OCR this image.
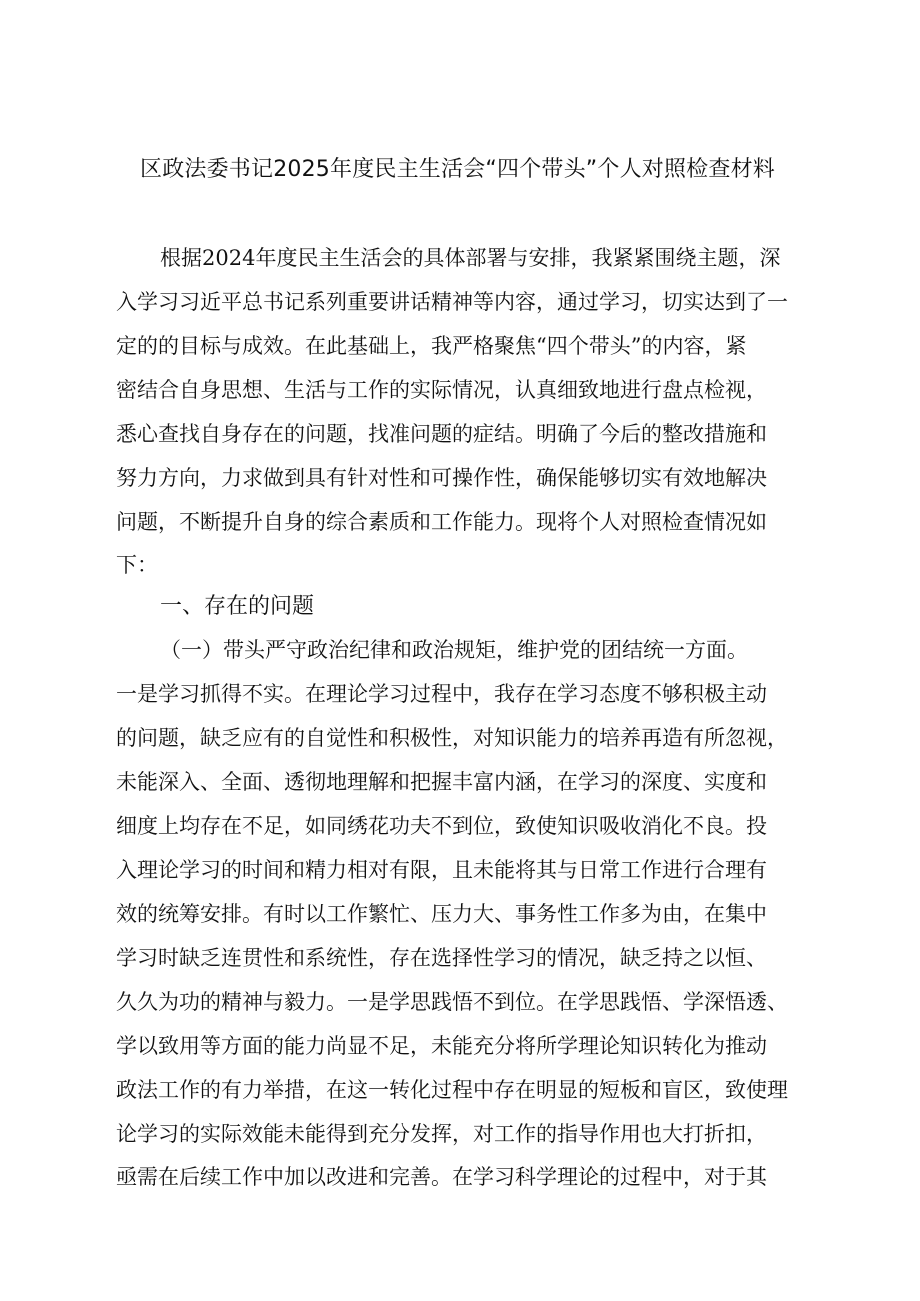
区政法委书记2025年度民主生活会“四个带头”个人对照检查材料

根据2024年度民主生活会的具体部署与安排，我紧紧围绕主题，深

入学习习近平总书记系列重要讲话精神等内容，通过学习，切实达到了一

定的的目标与成效。在此基础上，我严格聚焦“四个带头”的内容，紧

密结合自身思想、生活与工作的实际情况，认真细致地进行盘点检视，

悉心查找自身存在的问题，找准问题的症结。明确了今后的整改措施和

努力方向，力求做到具有针对性和可操作性，确保能够切实有效地解决

问题，不断提升自身的综合素质和工作能力。现将个人对照检查情况如

下：

一、存在的问题

（一）带头严守政治纪律和政治规矩，维护党的团结统一方面。

一是学习抓得不实。在理论学习过程中，我存在学习态度不够积极主动

的问题，缺乏应有的自觉性和积极性，对知识能力的培养再造有所忽视，

未能深入、全面、透彻地理解和把握丰富内涵，在学习的深度、实度和

细度上均存在不足，如同绣花功夫不到位，致使知识吸收消化不良。投

入理论学习的时间和精力相对有限，且未能将其与日常工作进行合理有

效的统筹安排。有时以工作繁忙、压力大、事务性工作多为由，在集中

学习时缺乏连贯性和系统性，存在选择性学习的情况，缺乏持之以恒、

久久为功的精神与毅力。一是学思践悟不到位。在学思践悟、学深悟透、

学以致用等方面的能力尚显不足，未能充分将所学理论知识转化为推动

政法工作的有力举措，在这一转化过程中存在明显的短板和盲区，致使理

论学习的实际效能未能得到充分发挥，对工作的指导作用也大打折扣，

亟需在后续工作中加以改进和完善。在学习科学理论的过程中，对于其
